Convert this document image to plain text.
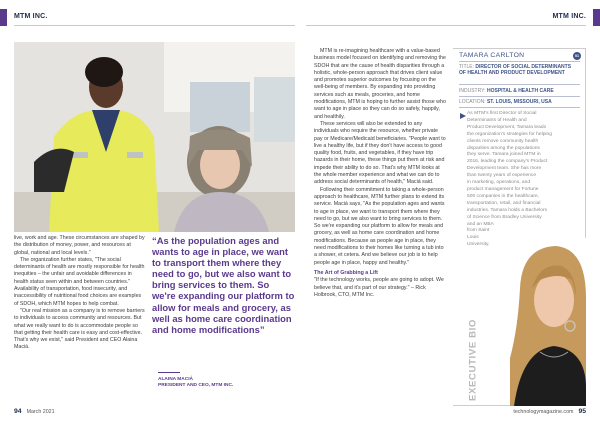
MTM INC.	MTM INC.

live, work and age. These circumstances are shaped by the distribution of money, power, and resources at global, national and local levels."

The organization further states, "The social determinants of health are mostly responsible for health inequities – the unfair and avoidable differences in health status seen within and between countries." Availability of transportation, food insecurity, and inaccessibility of nutritional food choices are examples of SDOH, which MTM hopes to help combat.

"Our real mission as a company is to remove barriers to individuals to access community and resources. But what we really want to do is accommodate people so that getting their health care is easy and cost-effective. That's why we exist," said President and CEO Alaina Maciá.

“As the population ages and wants to age in place, we want to transport them where they need to go, but we also want to bring services to them. So we're expanding our platform to allow for meals and grocery, as well as home care coordination and home modifications”
ALAINA MACIÁ
PRESIDENT AND CEO, MTM INC.

MTM is re-imagining healthcare with a value-based business model focused on identifying and removing the SDOH that are the cause of health disparities through a holistic, whole-person approach that drives client value and promotes superior outcomes by focusing on the well-being of members. By expanding into providing services such as meals, groceries, and home modifications, MTM is hoping to further assist those who want to age in place so they can do so safely, happily, and healthily.

These services will also be extended to any individuals who require the resource, whether private pay or Medicare/Medicaid beneficiaries. "People want to live a healthy life, but if they don't have access to good quality food, fruits, and vegetables, if they have trip hazards in their home, these things put them at risk and impede their ability to do so. That's why MTM looks at the whole member experience and what we can do to address social determinants of health," Maciá said.

Following their commitment to taking a whole-person approach to healthcare, MTM further plans to extend its service. Maciá says, "As the population ages and wants to age in place, we want to transport them where they need to go, but we also want to bring services to them. So we're expanding our platform to allow for meals and grocery, as well as home care coordination and home modifications. Because as people age in place, they need modifications to their homes like turning a tub into a shower, et cetera. And we believe our job is to help people age in place, happy and healthy."

The Art of Grabbing a Lift

"If the technology works, people are going to adopt. We believe that, and it's part of our strategy." – Rick Holbrook, CTO, MTM Inc.

TAMARA CARLTON	01
TITLE: DIRECTOR OF SOCIAL DETERMINANTS OF HEALTH AND PRODUCT DEVELOPMENT
INDUSTRY: HOSPITAL & HEALTH CARE
LOCATION: ST. LOUIS, MISSOURI, USA
As MTM's first Director of Social
Determinants of Health and
Product Development, Tamara leads
the organization's strategies for helping
clients remove community health
disparities among the populations
they serve. Tamara joined MTM in
2016, leading the company's Product
Development team. She has more
than twenty years of experience
in marketing, operations, and
product management for Fortune
500 companies in the healthcare,
transportation, retail, and financial
industries. Tamara holds a Bachelors
of Science from Bradley University
and an MBA
from Saint
Louis
University.
EXECUTIVE BIO
94 March 2021	technologymagazine.com 95
